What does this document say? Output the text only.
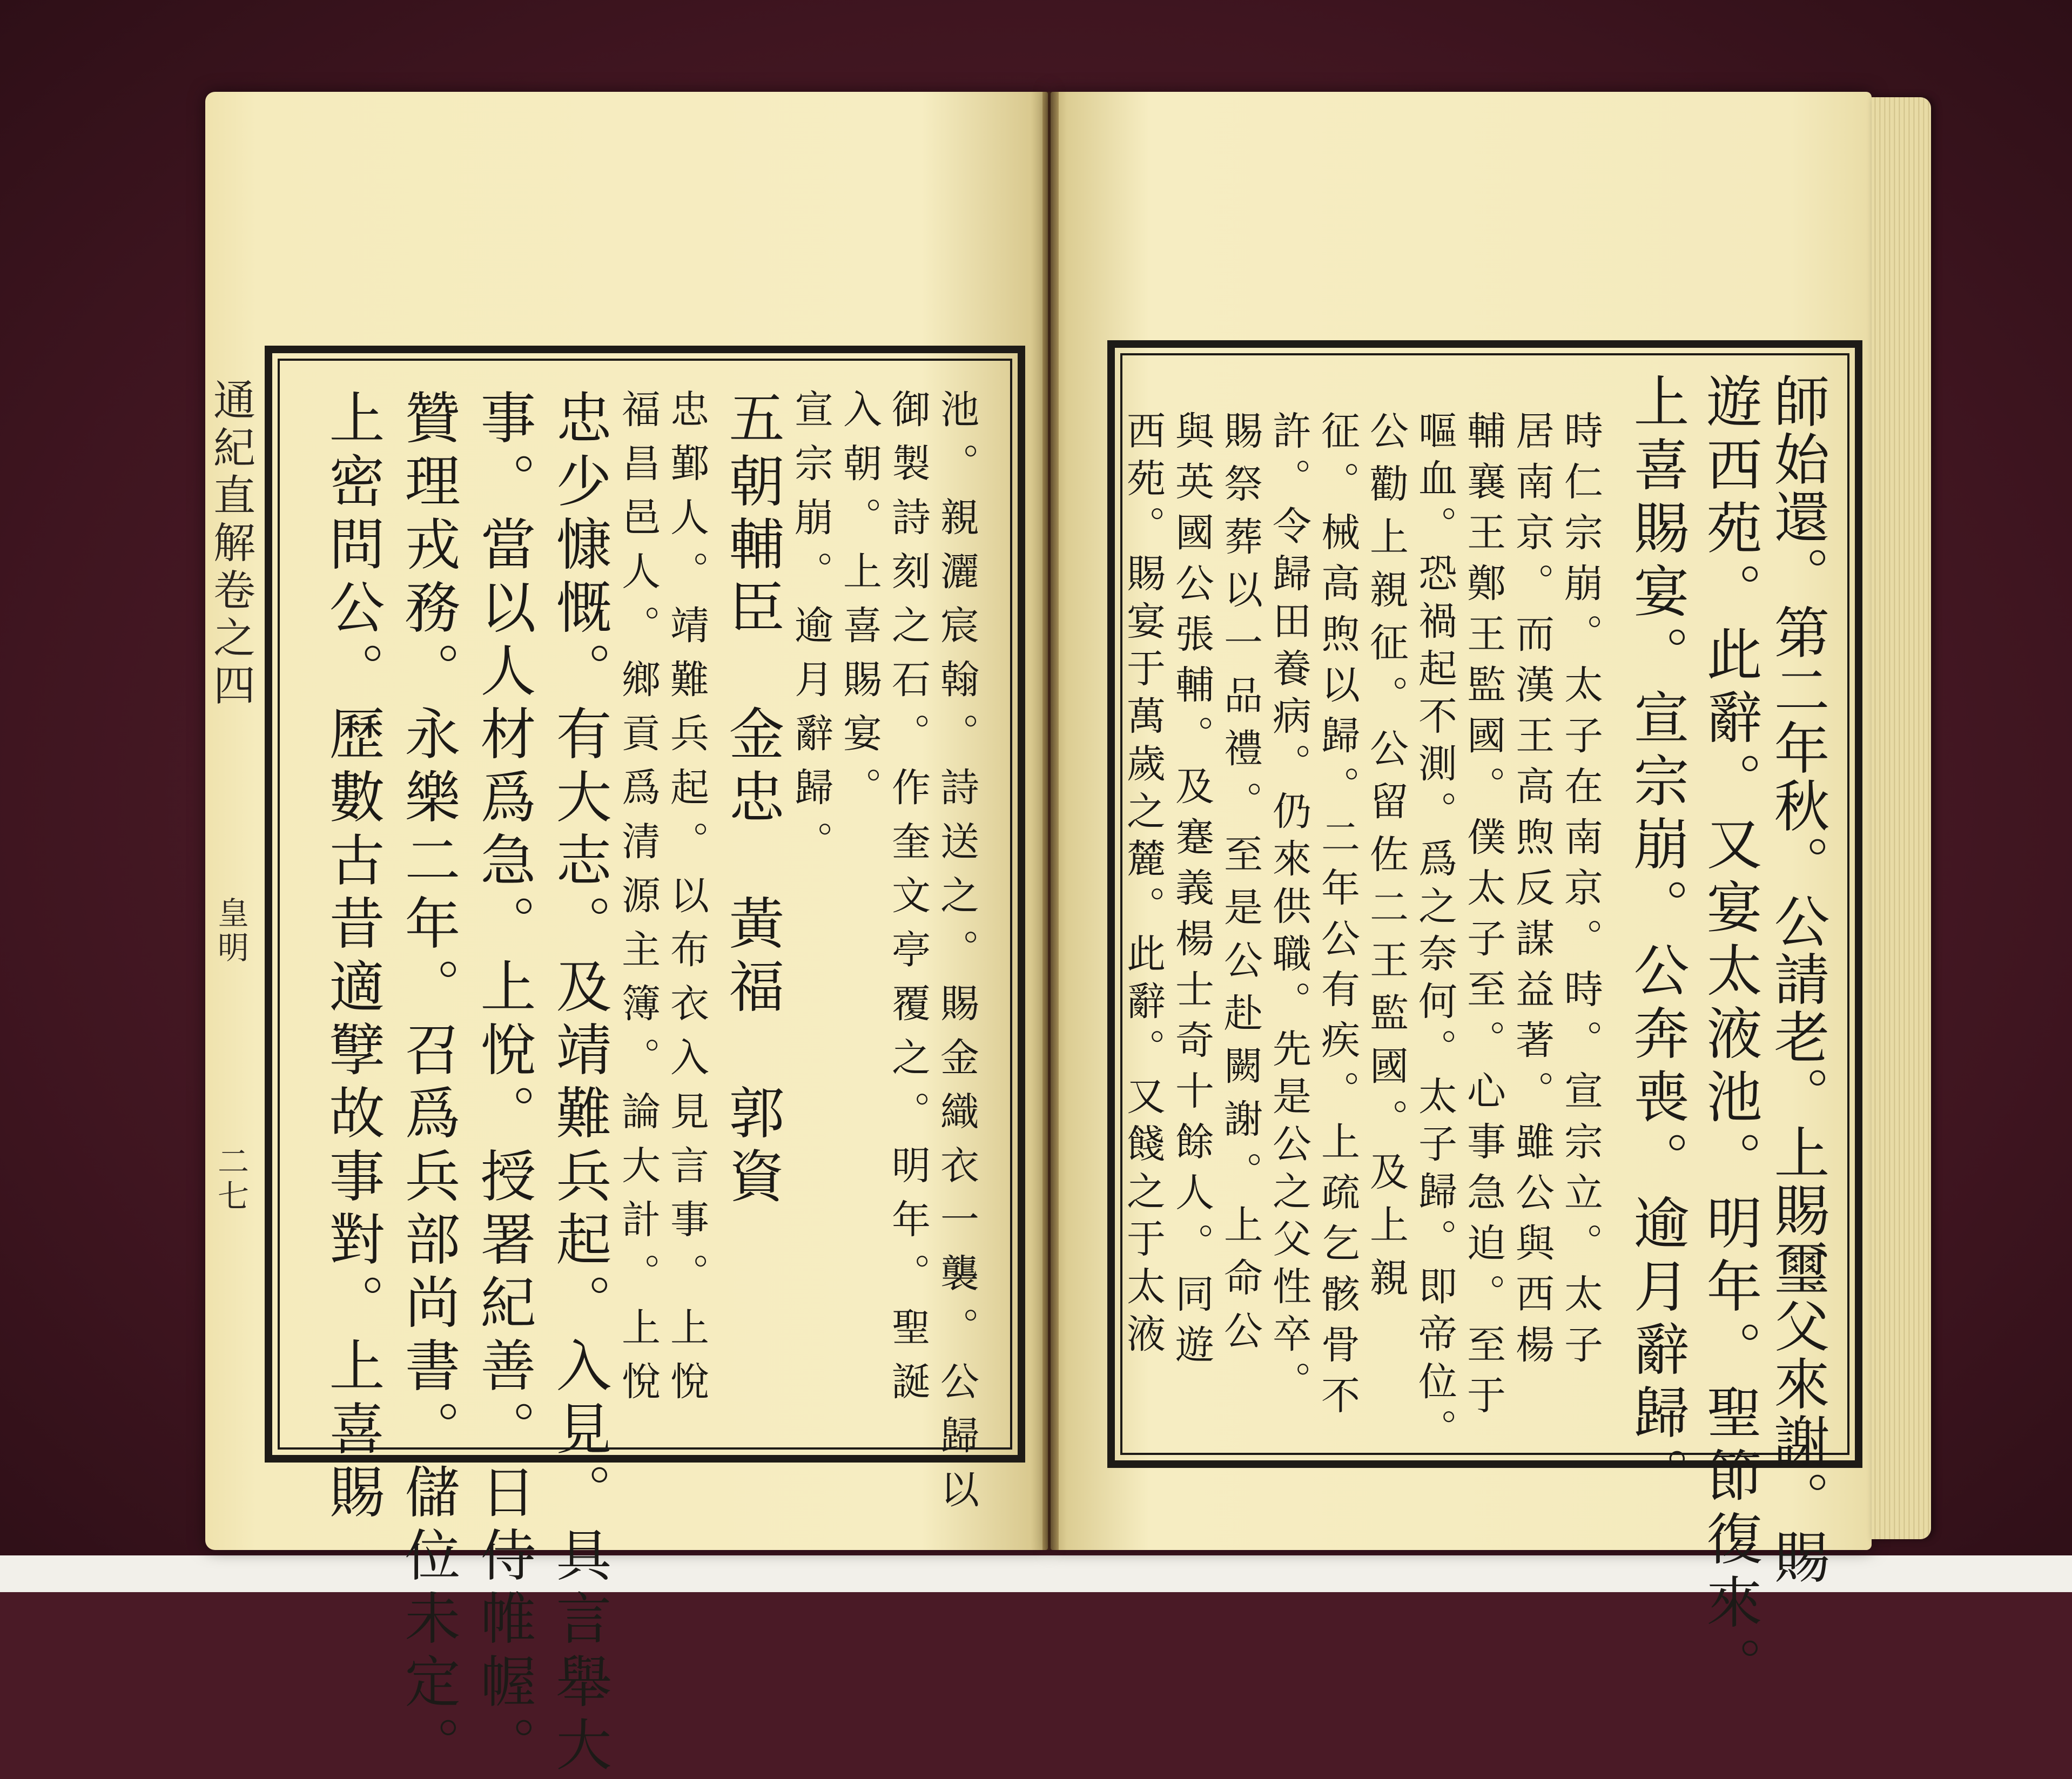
通紀直解卷之四
皇明
二七	池。親灑宸翰。詩送之。賜金織衣一襲。公歸以
御製詩刻之石。作奎文亭覆之。明年。聖誕
入朝。上喜賜宴。
宣宗崩。逾月辭歸。
五朝輔臣　金忠　黃福　郭資
忠鄞人。靖難兵起。以布衣入見言事。上悅
福昌邑人。鄉貢爲清源主簿。論大計。上悅
忠少慷慨。有大志。及靖難兵起。入見。具言舉大
事。當以人材爲急。上悅。授署紀善。日侍帷幄。
贊理戎務。永樂二年。召爲兵部尚書。儲位未定。
上密問公。歷數古昔適孼故事對。上喜賜	師始還。第二年秋。公請老。上賜璽父來謝。賜
遊西苑。此辭。又宴太液池。明年。聖節復來。
上喜賜宴。宣宗崩。公奔喪。逾月辭歸。
時仁宗崩。太子在南京。時。宣宗立。太子
居南京。而漢王高煦反謀益著。雖公與西楊
輔襄王鄭王監國。僕太子至。心事急迫。至于
嘔血。恐禍起不測。爲之奈何。太子歸。即帝位。
公勸上親征。公留佐二王監國。及上親
征。械高煦以歸。二年公有疾。上疏乞骸骨不
許。令歸田養病。仍來供職。先是公之父性卒。
賜祭葬以一品禮。至是公赴闕謝。上命公
與英國公張輔。及蹇義楊士奇十餘人。同遊
西苑。賜宴于萬歲之麓。此辭。又餞之于太液
